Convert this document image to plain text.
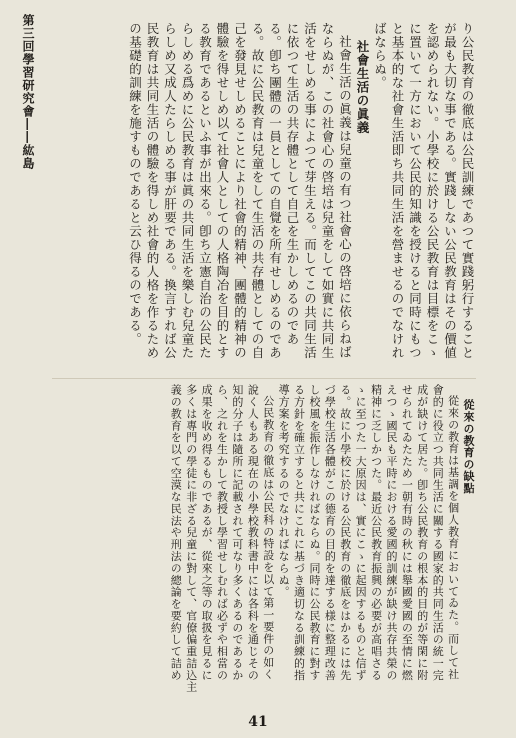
第三回學習研究會――紘島	り公民教育の徹底は公民訓練であつて實踐躬行すること
が最も大切な事である。實踐しない公民教育はその價値
を認められない。小學校に於ける公民教育は目標をこゝ
に置いて一方において公民的知識を授けると同時にもつ
と基本的な社會生活即ち共同生活を營ませるのでなけれ
ばならぬ。
社會生活の眞義
社會生活の眞義は兒童の有つ社會心の啓培に依らねば
ならぬが、この社會心の啓培は兒童をして如實に共同生
活をせしめる事によつて芽生える。而してこの共同生活
に依つて生活の共存體として自己を生かしめるのであ
る。卽ち團體の一員としての自覺を所有せしめるのであ
る。故に公民教育は兒童をして生活の共存體としての自
己を發見せしめることにより社會的精神、團體的精神の
體驗を得せしめ以て社會人としての人格陶冶を目的とす
る教育であるといふ事が出來る。卽ち立憲自治の公民た
らしめる爲めに公民教育は眞の共同生活を樂しむ兒童た
らしめ又成人たらしめる事が肝要である。換言すれば公
民教育は共同生活の體驗を得しめ社會的人格を作るため
の基礎的訓練を施すものであると云ひ得るのである。
從來の教育の缺點
從來の教育は基調を個人教育においてゐた。而して社
會的に役立つ共同生活に關する國家的共同生活の統一完
成が缺けて居た。卽ち公民教育の根本的目的が等閑に附
せられてゐたため一朝有時の秋には舉國愛國の至情に燃
えつゝ國民も平時における愛國的訓練が缺け共存共榮の
精神に乏しかつた。最近公民教育振興の必要が高唱さる
ゝに至つた一大原因は、實にこゝに起因するものと信ず
る。故に小學校に於ける公民教育の徹底をはかるには先
づ學校生活各體がこの德育の目的を達する様に整理改善
し校風を振作しなければならぬ。同時に公民教育に對す
る方針を確立すると共にこれに基づき適切なる訓練的指
導方案を考究するのでなければならぬ。
公民教育の徹底は公民科の特設を以て第一要件の如く
說く人もある現在の小學校教科書中には各科を通じその
知的分子は隨所に記載されて可なり多くあるのであるか
ら、之れを生かして教授し學習せしむれば必ずや相當の
成果を收め得るものであるが、從來之等の取扱を見るに
多くは專門の學徒に非ざる兒童に對して、官僚偏重詰込主
義の教育を以て空漠な民法や刑法の總論を要約して詰め
41
